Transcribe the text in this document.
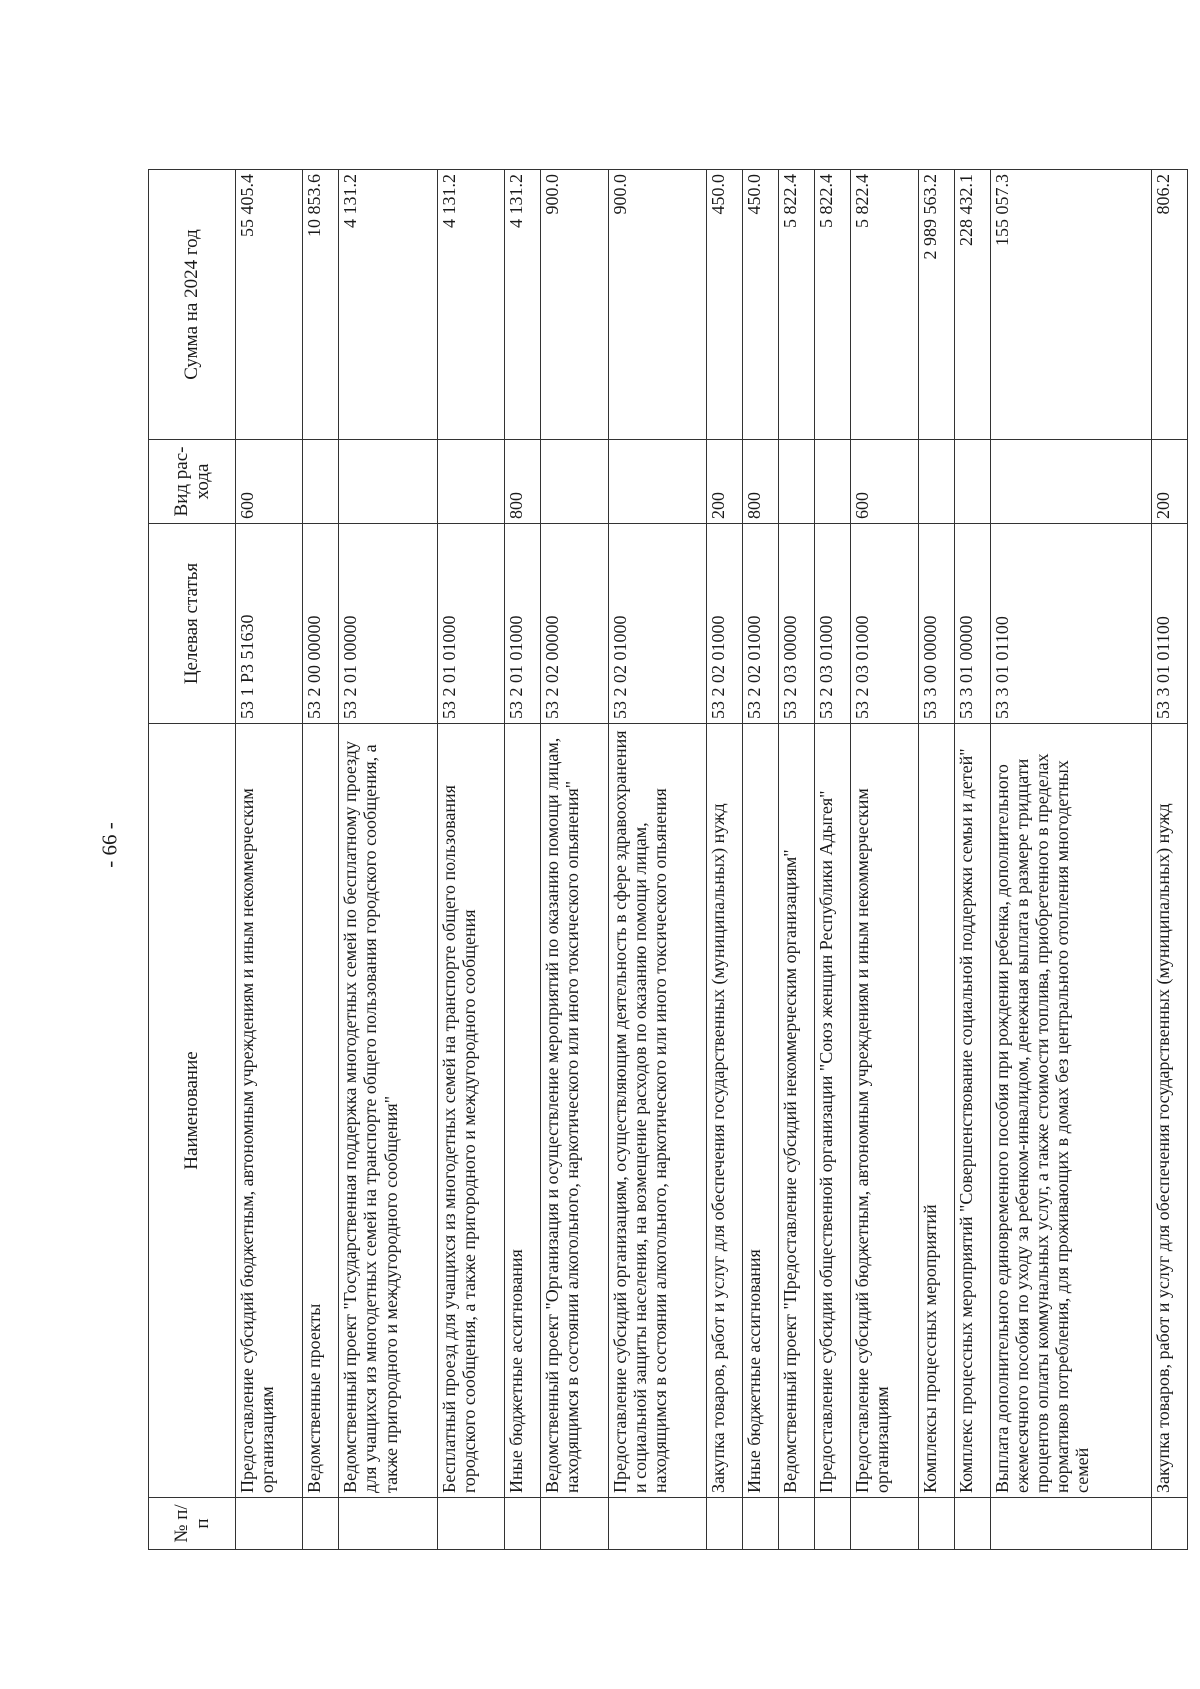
- 66 -
№ п/п	Наименование	Целевая статья	Вид рас-хода	Сумма на 2024 год
	Предоставление субсидий бюджетным, автономным учреждениям и иным некоммерческим организациям	53 1 Р3 51630	600	55 405.4
	Ведомственные проекты	53 2 00 00000		10 853.6
	Ведомственный проект "Государственная поддержка многодетных семей по бесплатному проезду для учащихся из многодетных семей на транспорте общего пользования городского сообщения, а также пригородного и междугородного сообщения"	53 2 01 00000		4 131.2
	Бесплатный проезд для учащихся из многодетных семей на транспорте общего пользования городского сообщения, а также пригородного и междугородного сообщения	53 2 01 01000		4 131.2
	Иные бюджетные ассигнования	53 2 01 01000	800	4 131.2
	Ведомственный проект "Организация и осуществление мероприятий по оказанию помощи лицам, находящимся в состоянии алкогольного, наркотического или иного токсического опьянения"	53 2 02 00000		900.0
	Предоставление субсидий организациям, осуществляющим деятельность в сфере здравоохранения и социальной защиты населения, на возмещение расходов по оказанию помощи лицам, находящимся в состоянии алкогольного, наркотического или иного токсического опьянения	53 2 02 01000		900.0
	Закупка товаров, работ и услуг для обеспечения государственных (муниципальных) нужд	53 2 02 01000	200	450.0
	Иные бюджетные ассигнования	53 2 02 01000	800	450.0
	Ведомственный проект "Предоставление субсидий некоммерческим организациям"	53 2 03 00000		5 822.4
	Предоставление субсидии общественной организации "Союз женщин Республики Адыгея"	53 2 03 01000		5 822.4
	Предоставление субсидий бюджетным, автономным учреждениям и иным некоммерческим организациям	53 2 03 01000	600	5 822.4
	Комплексы процессных мероприятий	53 3 00 00000		2 989 563.2
	Комплекс процессных мероприятий "Совершенствование социальной поддержки семьи и детей"	53 3 01 00000		228 432.1
	Выплата дополнительного единовременного пособия при рождении ребенка, дополнительного ежемесячного пособия по уходу за ребенком-инвалидом, денежная выплата в размере тридцати процентов оплаты коммунальных услуг, а также стоимости топлива, приобретенного в пределах нормативов потребления, для проживающих в домах без центрального отопления многодетных семей	53 3 01 01100		155 057.3
	Закупка товаров, работ и услуг для обеспечения государственных (муниципальных) нужд	53 3 01 01100	200	806.2
